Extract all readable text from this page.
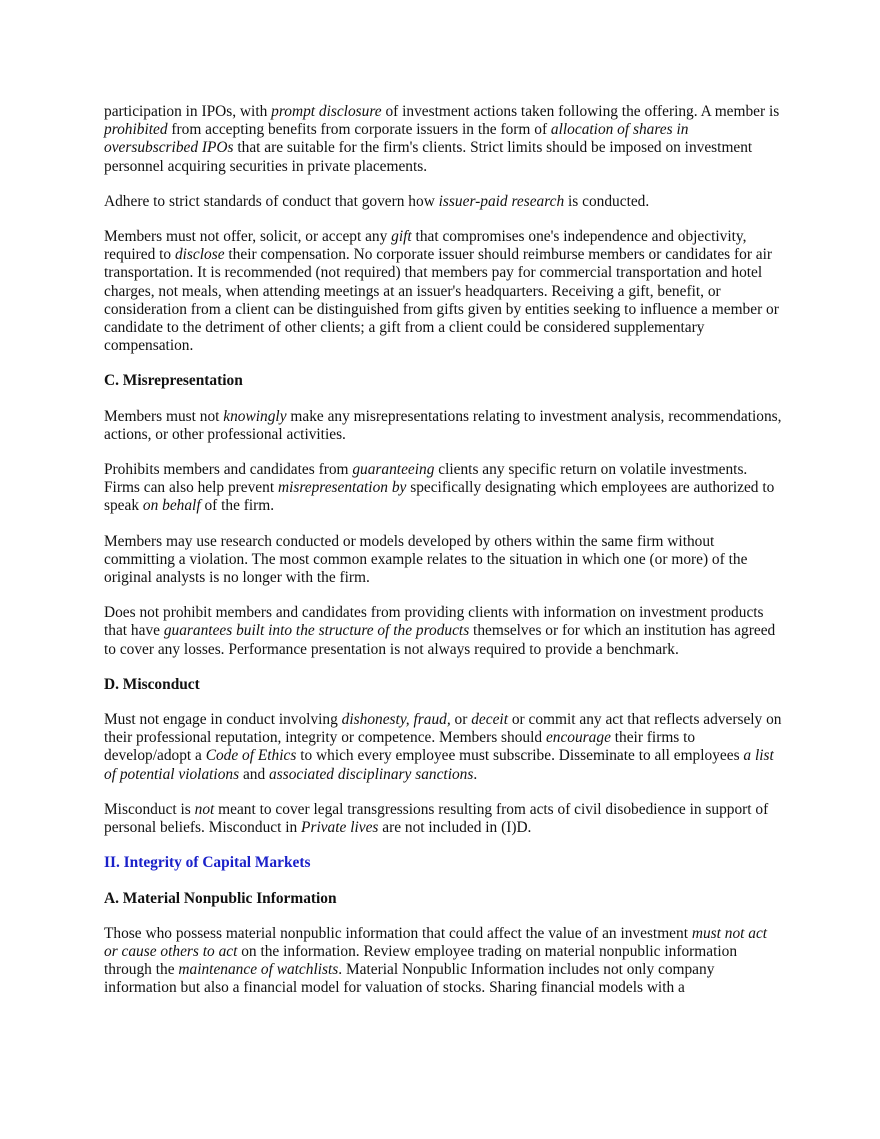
participation in IPOs, with prompt disclosure of investment actions taken following the offering. A member is prohibited from accepting benefits from corporate issuers in the form of allocation of shares in oversubscribed IPOs that are suitable for the firm's clients. Strict limits should be imposed on investment personnel acquiring securities in private placements.

Adhere to strict standards of conduct that govern how issuer-paid research is conducted.

Members must not offer, solicit, or accept any gift that compromises one's independence and objectivity, required to disclose their compensation. No corporate issuer should reimburse members or candidates for air transportation. It is recommended (not required) that members pay for commercial transportation and hotel charges, not meals, when attending meetings at an issuer's headquarters. Receiving a gift, benefit, or consideration from a client can be distinguished from gifts given by entities seeking to influence a member or candidate to the detriment of other clients; a gift from a client could be considered supplementary compensation.

C. Misrepresentation

Members must not knowingly make any misrepresentations relating to investment analysis, recommendations, actions, or other professional activities.

Prohibits members and candidates from guaranteeing clients any specific return on volatile investments. Firms can also help prevent misrepresentation by specifically designating which employees are authorized to speak on behalf of the firm.

Members may use research conducted or models developed by others within the same firm without committing a violation. The most common example relates to the situation in which one (or more) of the original analysts is no longer with the firm.

Does not prohibit members and candidates from providing clients with information on investment products that have guarantees built into the structure of the products themselves or for which an institution has agreed to cover any losses. Performance presentation is not always required to provide a benchmark.

D. Misconduct

Must not engage in conduct involving dishonesty, fraud, or deceit or commit any act that reflects adversely on their professional reputation, integrity or competence. Members should encourage their firms to develop/adopt a Code of Ethics to which every employee must subscribe. Disseminate to all employees a list of potential violations and associated disciplinary sanctions.

Misconduct is not meant to cover legal transgressions resulting from acts of civil disobedience in support of personal beliefs. Misconduct in Private lives are not included in (I)D.

II. Integrity of Capital Markets
A. Material Nonpublic Information

Those who possess material nonpublic information that could affect the value of an investment must not act or cause others to act on the information. Review employee trading on material nonpublic information through the maintenance of watchlists. Material Nonpublic Information includes not only company information but also a financial model for valuation of stocks. Sharing financial models with a
